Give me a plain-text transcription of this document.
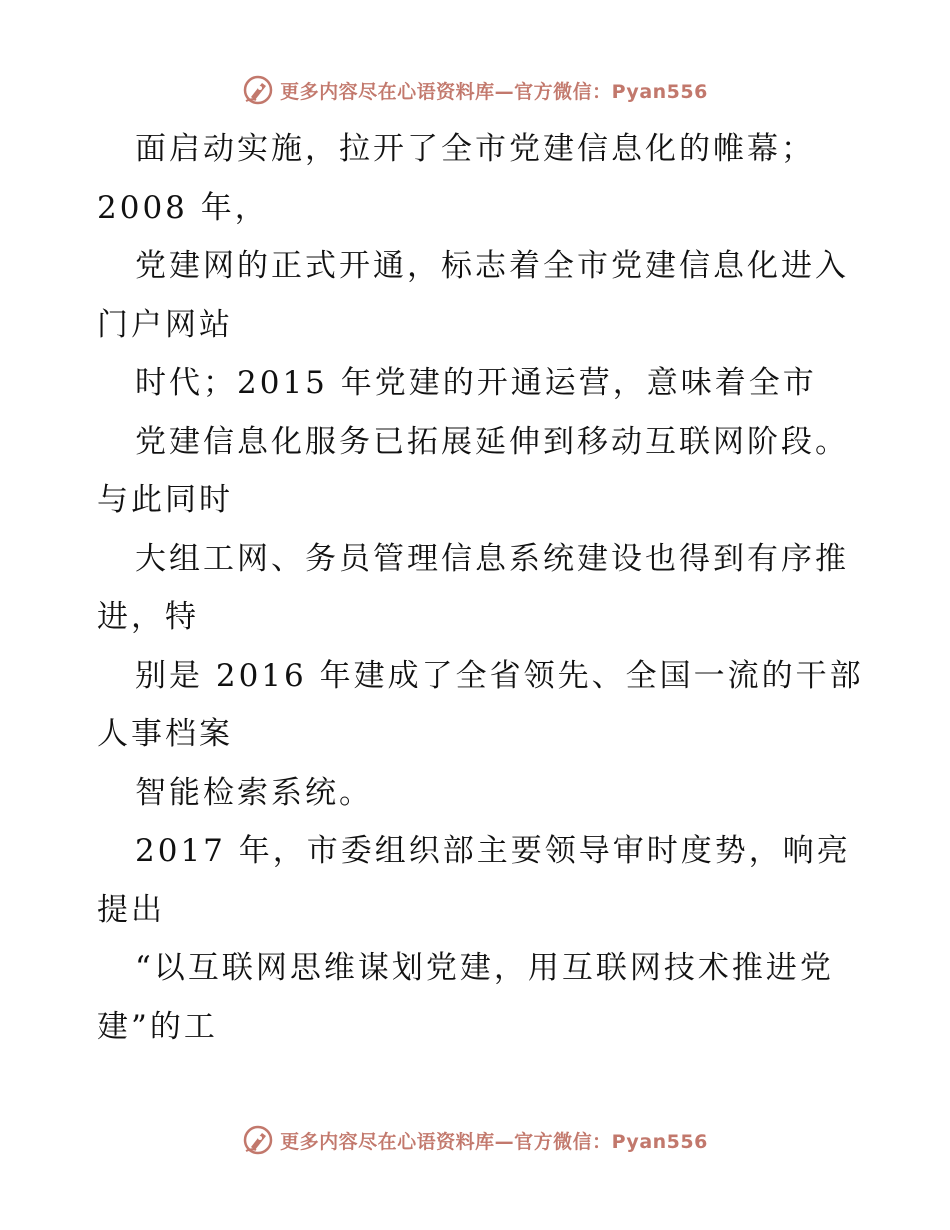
更多内容尽在心语资料库—官方微信：Pyan556
面启动实施，拉开了全市党建信息化的帷幕；
2008 年，
党建网的正式开通，标志着全市党建信息化进入
门户网站
时代；2015 年党建的开通运营，意味着全市
党建信息化服务已拓展延伸到移动互联网阶段。
与此同时
大组工网、务员管理信息系统建设也得到有序推
进，特
别是 2016 年建成了全省领先、全国一流的干部
人事档案
智能检索系统。
2017 年，市委组织部主要领导审时度势，响亮
提出
“以互联网思维谋划党建，用互联网技术推进党
建”的工
更多内容尽在心语资料库—官方微信：Pyan556
